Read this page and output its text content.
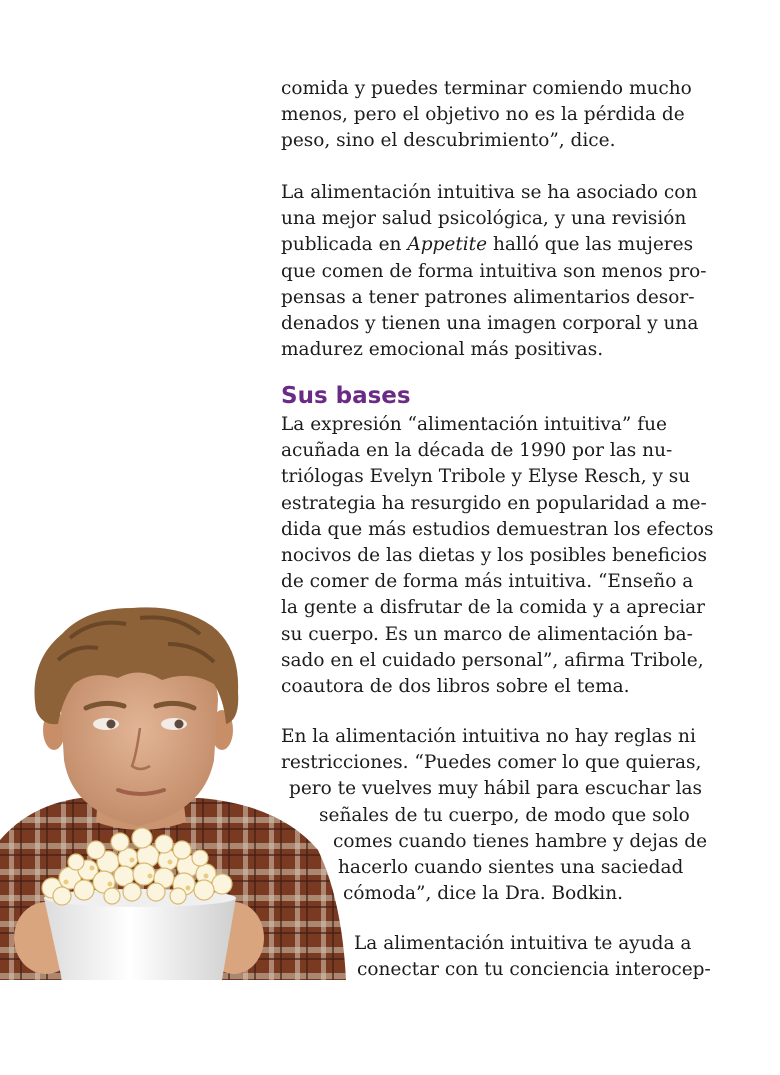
comida y puedes terminar comiendo mucho
menos, pero el objetivo no es la pérdida de
peso, sino el descubrimiento”, dice.
La alimentación intuitiva se ha asociado con
una mejor salud psicológica, y una revisión
publicada en Appetite halló que las mujeres
que comen de forma intuitiva son menos pro-
pensas a tener patrones alimentarios desor-
denados y tienen una imagen corporal y una
madurez emocional más positivas.
Sus bases
La expresión “alimentación intuitiva” fue
acuñada en la década de 1990 por las nu-
triólogas Evelyn Tribole y Elyse Resch, y su
estrategia ha resurgido en popularidad a me-
dida que más estudios demuestran los efectos
nocivos de las dietas y los posibles beneficios
de comer de forma más intuitiva. “Enseño a
la gente a disfrutar de la comida y a apreciar
su cuerpo. Es un marco de alimentación ba-
sado en el cuidado personal”, afirma Tribole,
coautora de dos libros sobre el tema.
En la alimentación intuitiva no hay reglas ni
restricciones. “Puedes comer lo que quieras,
pero te vuelves muy hábil para escuchar las
señales de tu cuerpo, de modo que solo
comes cuando tienes hambre y dejas de
hacerlo cuando sientes una saciedad
cómoda”, dice la Dra. Bodkin.
La alimentación intuitiva te ayuda a
conectar con tu conciencia interocep-
